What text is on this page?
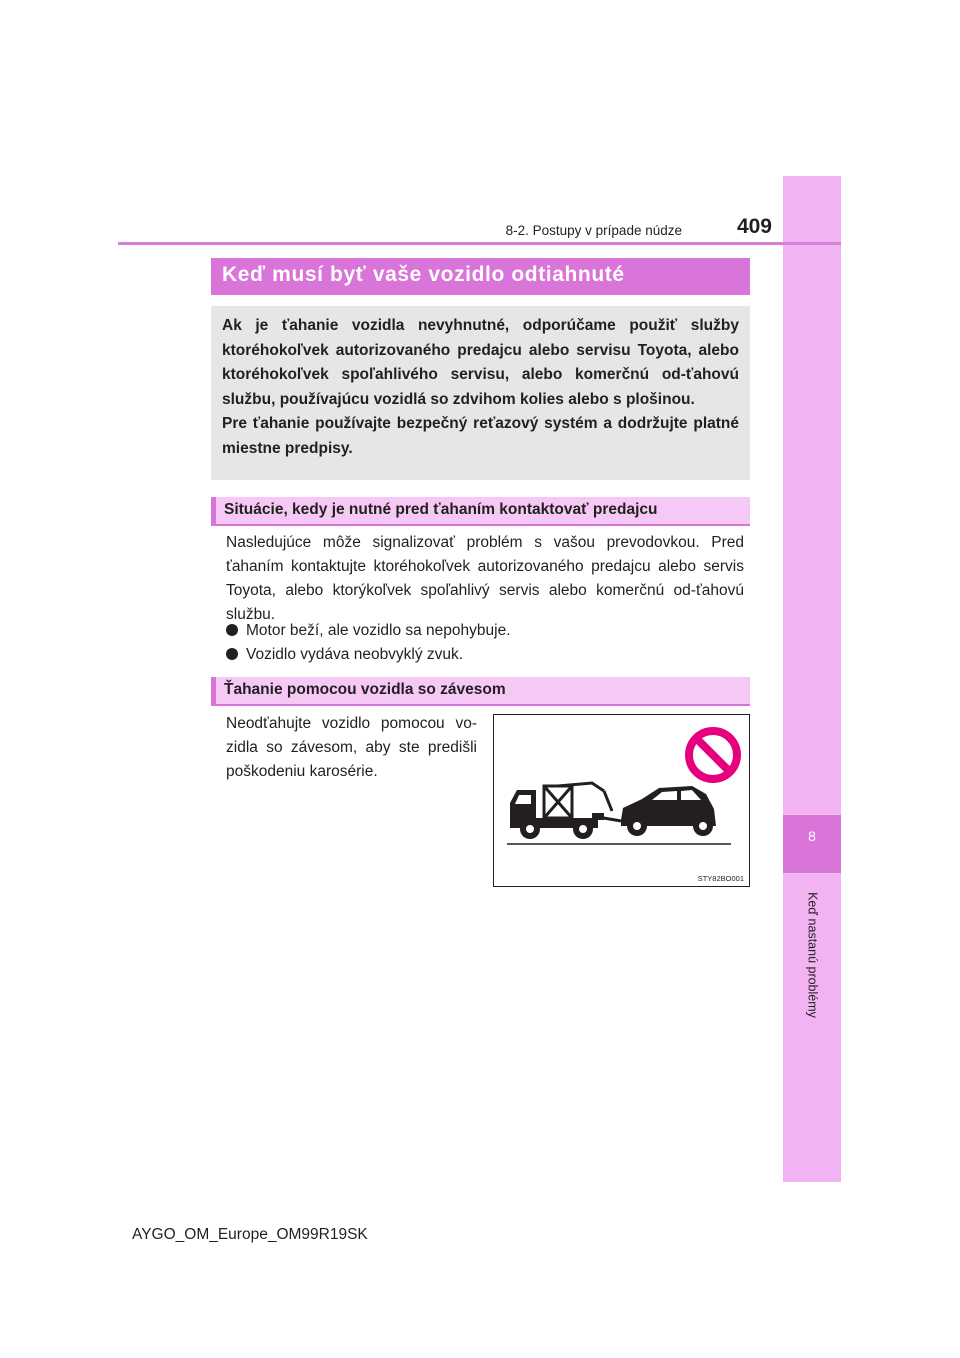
8
Keď nastanú problémy
8-2. Postupy v prípade núdze	409
Keď musí byť vaše vozidlo odtiahnuté

Ak je ťahanie vozidla nevyhnutné, odporúčame použiť služby ktoréhokoľvek autorizovaného predajcu alebo servisu Toyota, alebo ktoréhokoľvek spoľahlivého servisu, alebo komerčnú od-ťahovú službu, používajúcu vozidlá so zdvihom kolies alebo s plošinou.

Pre ťahanie používajte bezpečný reťazový systém a dodržujte platné miestne predpisy.

Situácie, kedy je nutné pred ťahaním kontaktovať predajcu

Nasledujúce môže signalizovať problém s vašou prevodovkou. Pred ťahaním kontaktujte ktoréhokoľvek autorizovaného predajcu alebo servis Toyota, alebo ktorýkoľvek spoľahlivý servis alebo komerčnú od-ťahovú službu.

Motor beží, ale vozidlo sa nepohybuje.
Vozidlo vydáva neobvyklý zvuk.
Ťahanie pomocou vozidla so závesom

Neodťahujte vozidlo pomocou vo-zidla so závesom, aby ste predišli poškodeniu karosérie.

STY82BO001
AYGO_OM_Europe_OM99R19SK
